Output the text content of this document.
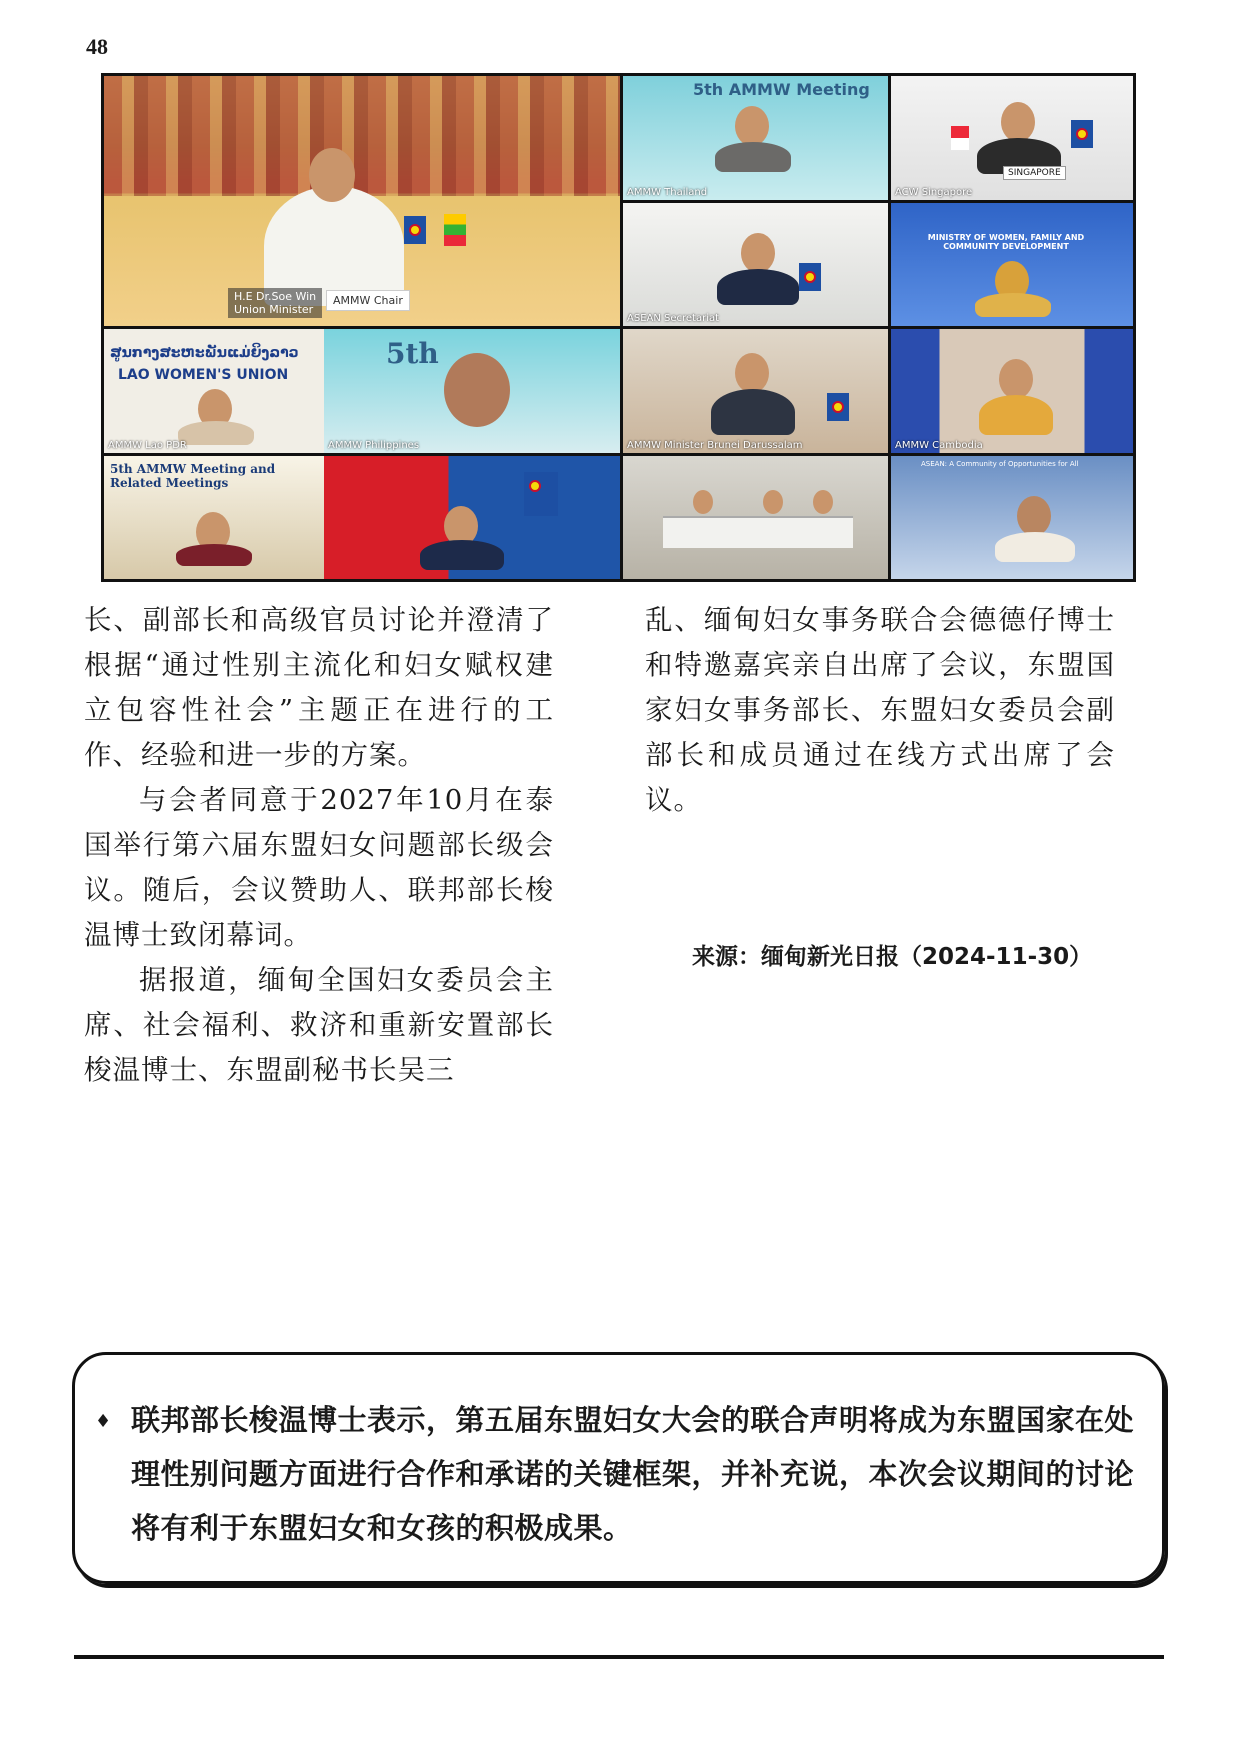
48
H.E Dr.Soe Win
Union Minister
AMMW Chair
5th AMMW Meeting
AMMW Thailand
SINGAPORE
ACW Singapore
ASEAN Secretariat
MINISTRY OF WOMEN, FAMILY AND COMMUNITY DEVELOPMENT
ສູນກາງສະຫະພັນແມ່ຍິງລາວ
LAO WOMEN'S UNION
AMMW Lao PDR
5th
AMMW Philippines	AMMW Minister Brunei Darussalam	AMMW Cambodia
5th AMMW Meeting and Related Meetings
ASEAN: A Community of Opportunities for All

长、副部长和高级官员讨论并澄清了根据“通过性别主流化和妇女赋权建立包容性社会”主题正在进行的工作、经验和进一步的方案。

与会者同意于2027年10月在泰国举行第六届东盟妇女问题部长级会议。随后，会议赞助人、联邦部长梭温博士致闭幕词。

据报道，缅甸全国妇女委员会主席、社会福利、救济和重新安置部长梭温博士、东盟副秘书长吴三

乱、缅甸妇女事务联合会德德仔博士和特邀嘉宾亲自出席了会议，东盟国家妇女事务部长、东盟妇女委员会副部长和成员通过在线方式出席了会议。

来源：缅甸新光日报（2024-11-30）
♦ 联邦部长梭温博士表示，第五届东盟妇女大会的联合声明将成为东盟国家在处理性别问题方面进行合作和承诺的关键框架，并补充说，本次会议期间的讨论将有利于东盟妇女和女孩的积极成果。
